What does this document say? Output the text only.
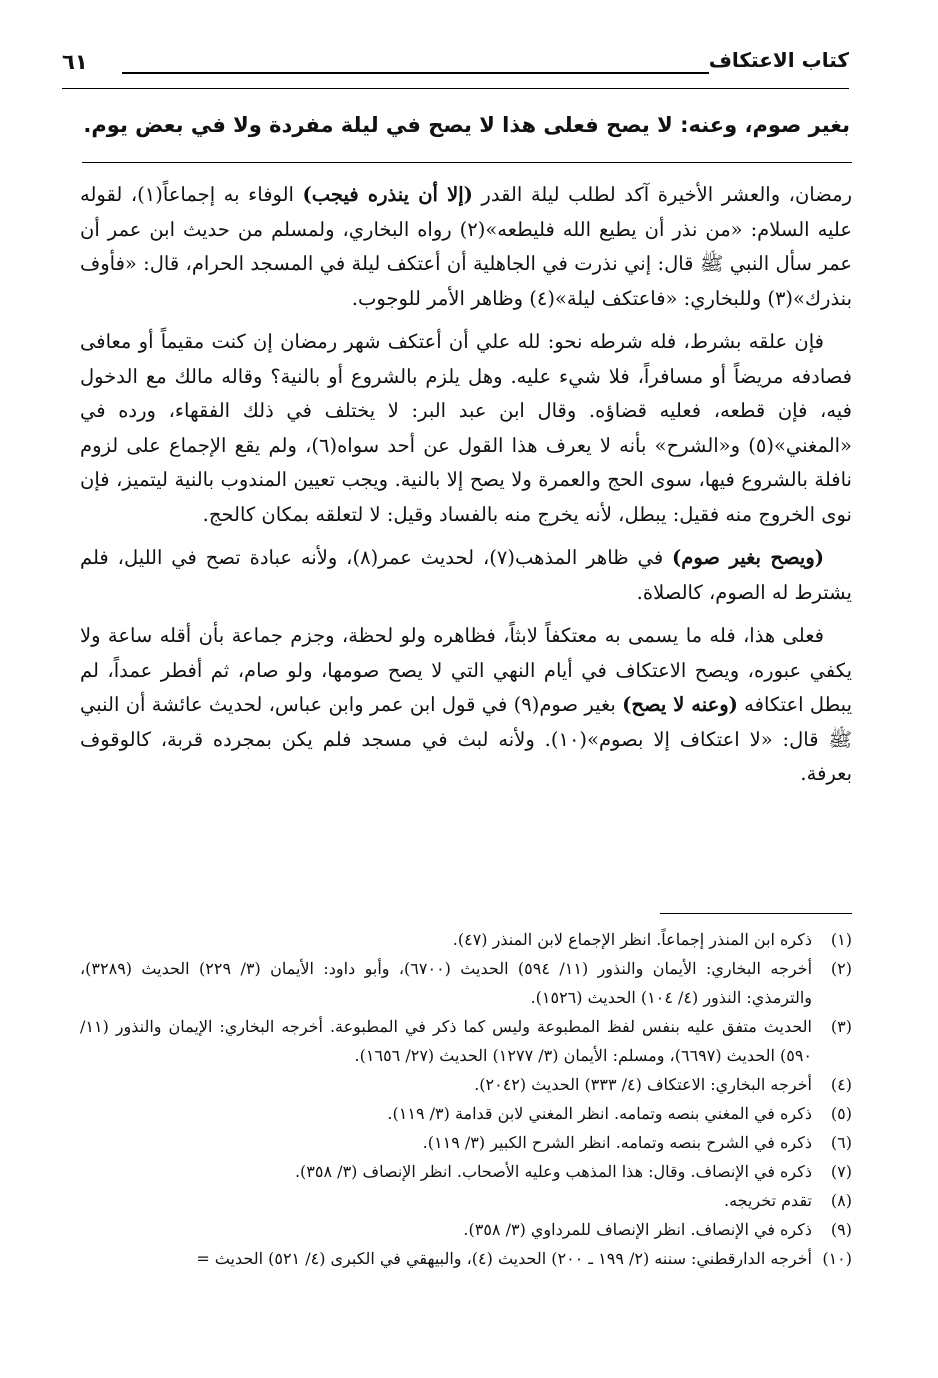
كتاب الاعتكاف
٦١
بغير صوم، وعنه: لا يصح فعلى هذا لا يصح في ليلة مفردة ولا في بعض يوم.

رمضان، والعشر الأخيرة آكد لطلب ليلة القدر (إلا أن ينذره فيجب) الوفاء به إجماعاً(١)، لقوله عليه السلام: «من نذر أن يطيع الله فليطعه»(٢) رواه البخاري، ولمسلم من حديث ابن عمر أن عمر سأل النبي ﷺ قال: إني نذرت في الجاهلية أن أعتكف ليلة في المسجد الحرام، قال: «فأوف بنذرك»(٣) وللبخاري: «فاعتكف ليلة»(٤) وظاهر الأمر للوجوب.

فإن علقه بشرط، فله شرطه نحو: لله علي أن أعتكف شهر رمضان إن كنت مقيماً أو معافى فصادفه مريضاً أو مسافراً، فلا شيء عليه. وهل يلزم بالشروع أو بالنية؟ وقاله مالك مع الدخول فيه، فإن قطعه، فعليه قضاؤه. وقال ابن عبد البر: لا يختلف في ذلك الفقهاء، ورده في «المغني»(٥) و«الشرح» بأنه لا يعرف هذا القول عن أحد سواه(٦)، ولم يقع الإجماع على لزوم نافلة بالشروع فيها، سوى الحج والعمرة ولا يصح إلا بالنية. ويجب تعيين المندوب بالنية ليتميز، فإن نوى الخروج منه فقيل: يبطل، لأنه يخرج منه بالفساد وقيل: لا لتعلقه بمكان كالحج.

(ويصح بغير صوم) في ظاهر المذهب(٧)، لحديث عمر(٨)، ولأنه عبادة تصح في الليل، فلم يشترط له الصوم، كالصلاة.

فعلى هذا، فله ما يسمى به معتكفاً لابثاً، فظاهره ولو لحظة، وجزم جماعة بأن أقله ساعة ولا يكفي عبوره، ويصح الاعتكاف في أيام النهي التي لا يصح صومها، ولو صام، ثم أفطر عمداً، لم يبطل اعتكافه (وعنه لا يصح) بغير صوم(٩) في قول ابن عمر وابن عباس، لحديث عائشة أن النبي ﷺ قال: «لا اعتكاف إلا بصوم»(١٠). ولأنه لبث في مسجد فلم يكن بمجرده قربة، كالوقوف بعرفة.

(١)
ذكره ابن المنذر إجماعاً. انظر الإجماع لابن المنذر (٤٧).
(٢)
أخرجه البخاري: الأيمان والنذور (١١/ ٥٩٤) الحديث (٦٧٠٠)، وأبو داود: الأيمان (٣/ ٢٢٩) الحديث (٣٢٨٩)، والترمذي: النذور (٤/ ١٠٤) الحديث (١٥٢٦).
(٣)
الحديث متفق عليه بنفس لفظ المطبوعة وليس كما ذكر في المطبوعة. أخرجه البخاري: الإيمان والنذور (١١/ ٥٩٠) الحديث (٦٦٩٧)، ومسلم: الأيمان (٣/ ١٢٧٧) الحديث (٢٧/ ١٦٥٦).
(٤)
أخرجه البخاري: الاعتكاف (٤/ ٣٣٣) الحديث (٢٠٤٢).
(٥)
ذكره في المغني بنصه وتمامه. انظر المغني لابن قدامة (٣/ ١١٩).
(٦)
ذكره في الشرح بنصه وتمامه. انظر الشرح الكبير (٣/ ١١٩).
(٧)
ذكره في الإنصاف. وقال: هذا المذهب وعليه الأصحاب. انظر الإنصاف (٣/ ٣٥٨).
(٨)
تقدم تخريجه.
(٩)
ذكره في الإنصاف. انظر الإنصاف للمرداوي (٣/ ٣٥٨).
(١٠)
أخرجه الدارقطني: سننه (٢/ ١٩٩ ـ ٢٠٠) الحديث (٤)، والبيهقي في الكبرى (٤/ ٥٢١) الحديث =
